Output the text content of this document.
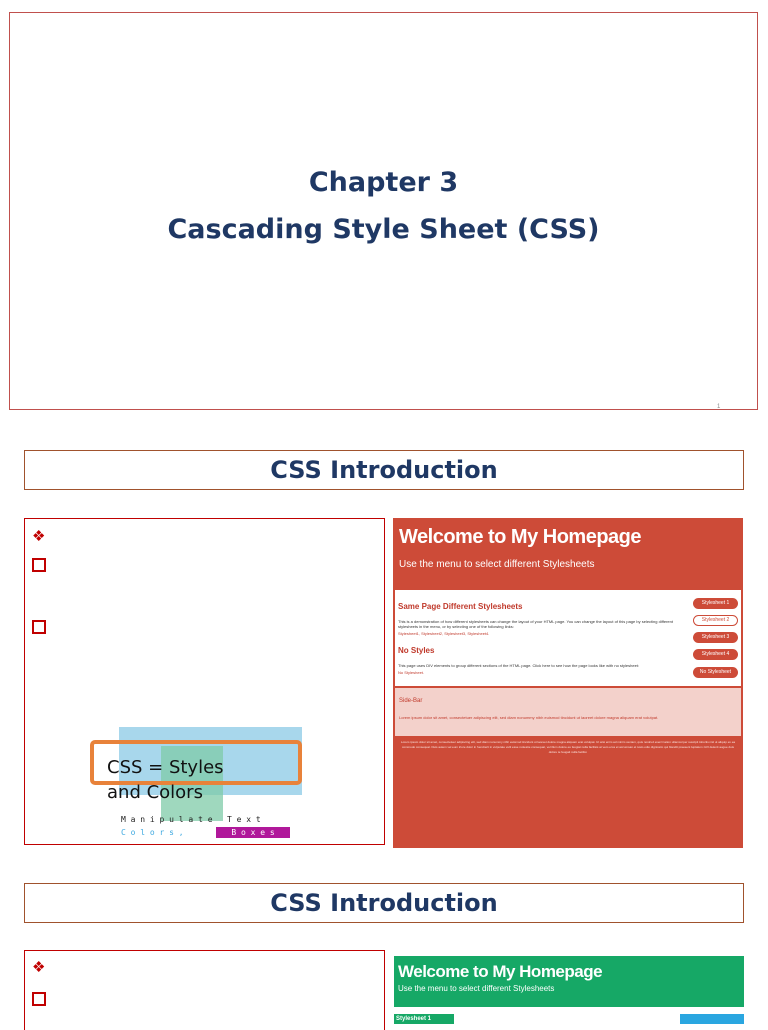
Chapter 3
Cascading Style Sheet (CSS)
1
CSS Introduction
❖
CSS = Styles
and Colors
M a n i p u l a t e   T e x t
C o l o r s ,	B o x e s
Welcome to My Homepage
Use the menu to select different Stylesheets
Same Page Different Stylesheets
This is a demonstration of how different stylesheets can change the layout of your HTML page. You can change the layout of this page by selecting different stylesheets in the menu, or by selecting one of the following links:
Stylesheet1, Stylesheet2, Stylesheet3, Stylesheet4.
No Styles
This page uses DIV elements to group different sections of the HTML page. Click here to see how the page looks like with no stylesheet:
No Stylesheet.
Stylesheet 1
Stylesheet 2
Stylesheet 3
Stylesheet 4
No Stylesheet
Side-Bar
Lorem ipsum dolor sit amet, consectetuer adipiscing elit, sed diam nonummy nibh euismod tincidunt ut laoreet dolore magna aliquam erat volutpat.
Lorem ipsum dolor sit amet, consectetuer adipiscing elit, sed diam nonummy nibh euismod tincidunt ut laoreet dolore magna aliquam erat volutpat. Ut wisi enim ad minim veniam, quis nostrud exerci tation ullamcorper suscipit lobortis nisl ut aliquip ex ea commodo consequat. Duis autem vel eum iriure dolor in hendrerit in vulputate velit esse molestie consequat, vel illum dolore eu feugiat nulla facilisis at vero eros et accumsan et iusto odio dignissim qui blandit praesent luptatum zzril delenit augue duis dolore te feugait nulla facilisi.
CSS Introduction
❖	Welcome to My Homepage
Use the menu to select different Stylesheets
Stylesheet 1
